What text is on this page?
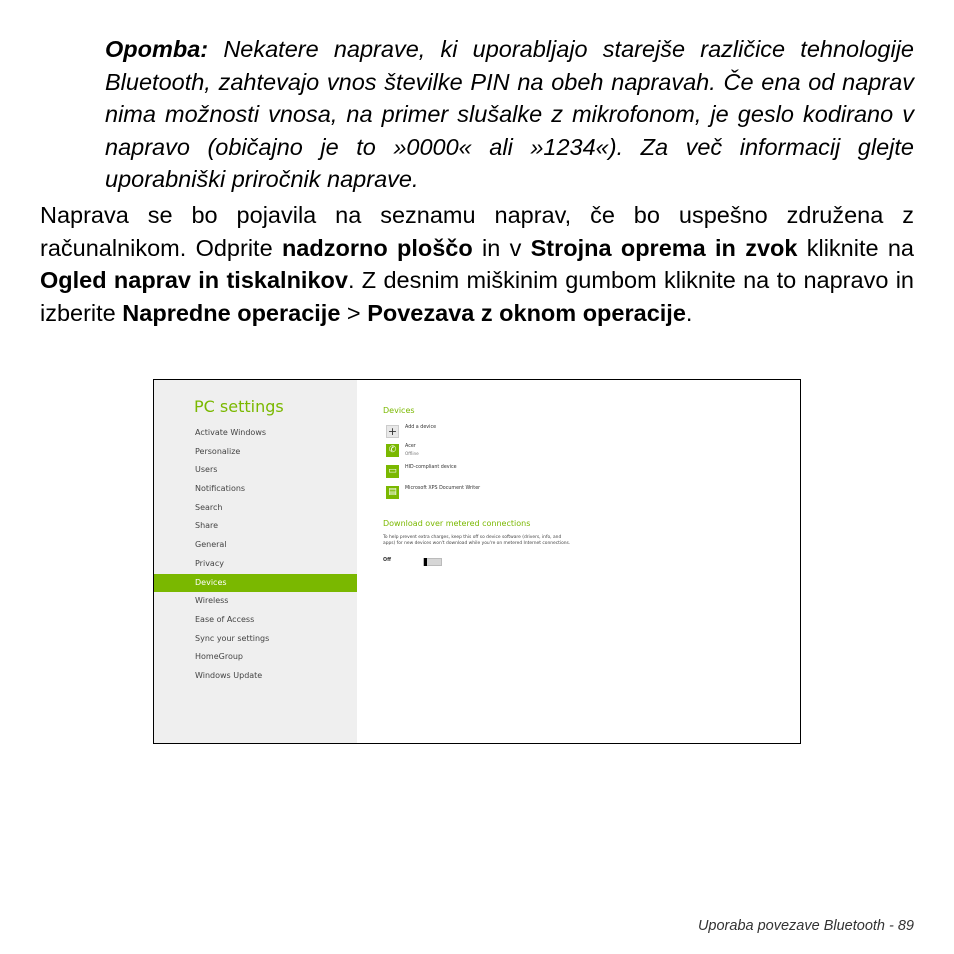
Opomba: Nekatere naprave, ki uporabljajo starejše različice tehnologije Bluetooth, zahtevajo vnos številke PIN na obeh napravah. Če ena od naprav nima možnosti vnosa, na primer slušalke z mikrofonom, je geslo kodirano v napravo (običajno je to »0000« ali »1234«). Za več informacij glejte uporabniški priročnik naprave.

Naprava se bo pojavila na seznamu naprav, če bo uspešno združena z računalnikom. Odprite nadzorno ploščo in v Strojna oprema in zvok kliknite na Ogled naprav in tiskalnikov. Z desnim miškinim gumbom kliknite na to napravo in izberite Napredne operacije > Povezava z oknom operacije.

PC settings
Activate Windows
Personalize
Users
Notifications
Search
Share
General
Privacy
Devices
Wireless
Ease of Access
Sync your settings
HomeGroup
Windows Update
Devices
+	Add a device
✆	Acer
Offline
▭	HID-compliant device
▤	Microsoft XPS Document Writer
Download over metered connections
To help prevent extra charges, keep this off so device software (drivers, info, and apps) for new devices won't download while you're on metered Internet connections.
Off
Uporaba povezave Bluetooth - 89
